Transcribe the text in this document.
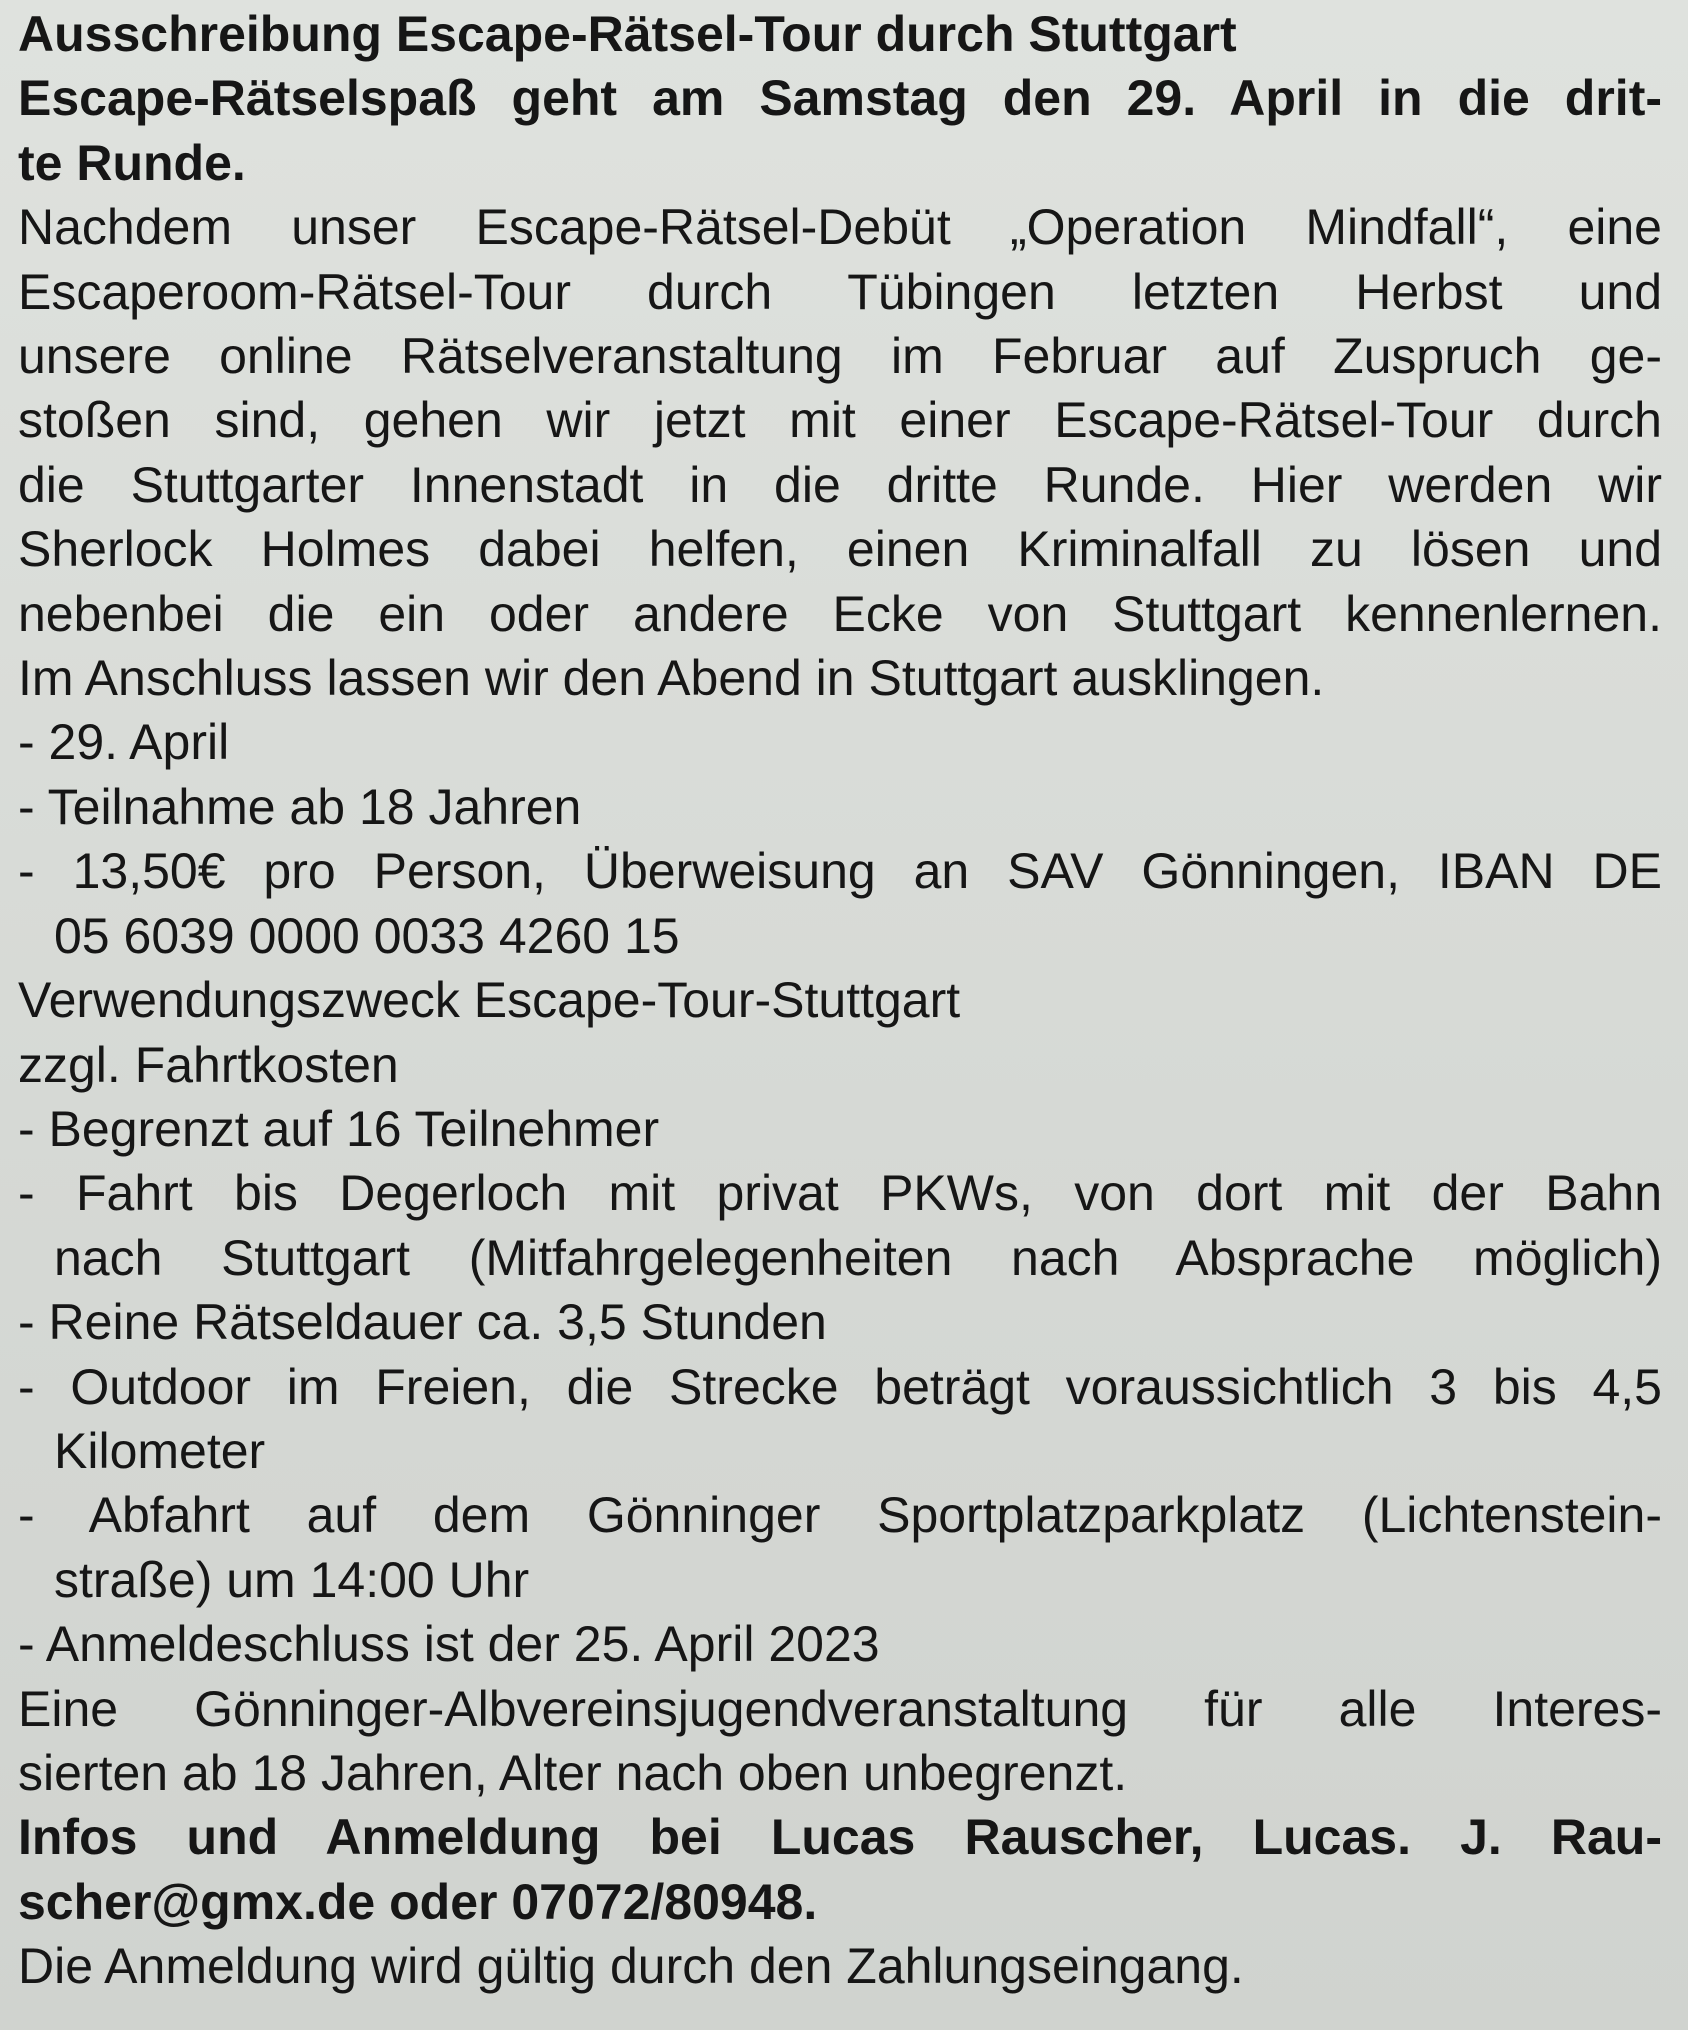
Ausschreibung Escape-Rätsel-Tour durch Stuttgart

Escape-Rätselspaß geht am Samstag den 29. April in die drit-

te Runde.

Nachdem unser Escape-Rätsel-Debüt „Operation Mindfall“, eine

Escaperoom-Rätsel-Tour durch Tübingen letzten Herbst und

unsere online Rätselveranstaltung im Februar auf Zuspruch ge-

stoßen sind, gehen wir jetzt mit einer Escape-Rätsel-Tour durch

die Stuttgarter Innenstadt in die dritte Runde. Hier werden wir

Sherlock Holmes dabei helfen, einen Kriminalfall zu lösen und

nebenbei die ein oder andere Ecke von Stuttgart kennenlernen.

Im Anschluss lassen wir den Abend in Stuttgart ausklingen.

- 29. April

- Teilnahme ab 18 Jahren

- 13,50€ pro Person, Überweisung an SAV Gönningen, IBAN DE

05 6039 0000 0033 4260 15

Verwendungszweck Escape-Tour-Stuttgart

zzgl. Fahrtkosten

- Begrenzt auf 16 Teilnehmer

- Fahrt bis Degerloch mit privat PKWs, von dort mit der Bahn

nach Stuttgart (Mitfahrgelegenheiten nach Absprache möglich)

- Reine Rätseldauer ca. 3,5 Stunden

- Outdoor im Freien, die Strecke beträgt voraussichtlich 3 bis 4,5

Kilometer

- Abfahrt auf dem Gönninger Sportplatzparkplatz (Lichtenstein-

straße) um 14:00 Uhr

- Anmeldeschluss ist der 25. April 2023

Eine Gönninger-Albvereinsjugendveranstaltung für alle Interes-

sierten ab 18 Jahren, Alter nach oben unbegrenzt.

Infos und Anmeldung bei Lucas Rauscher, Lucas. J. Rau-

scher@gmx.de oder 07072/80948.

Die Anmeldung wird gültig durch den Zahlungseingang.
